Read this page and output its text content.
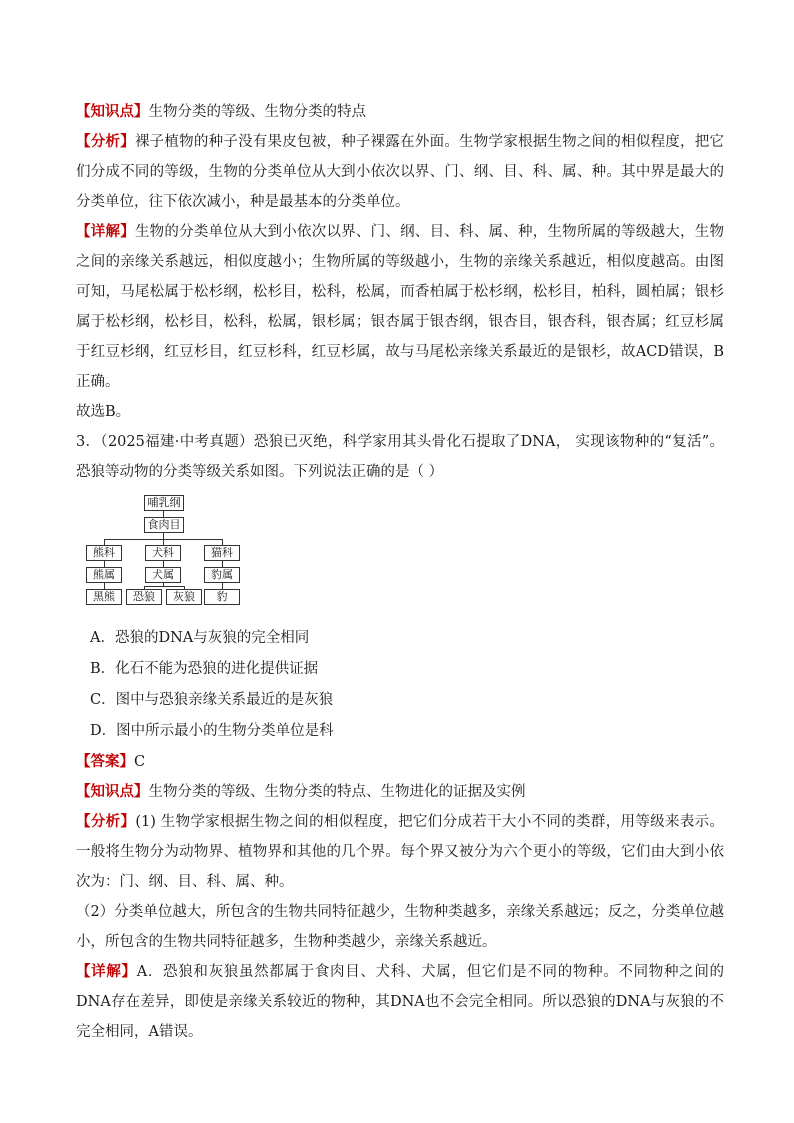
【知识点】生物分类的等级、生物分类的特点

【分析】裸子植物的种子没有果皮包被，种子裸露在外面。生物学家根据生物之间的相似程度，把它们分成不同的等级，生物的分类单位从大到小依次以界、门、纲、目、科、属、种。其中界是最大的分类单位，往下依次减小，种是最基本的分类单位。

【详解】生物的分类单位从大到小依次以界、门、纲、目、科、属、种，生物所属的等级越大，生物之间的亲缘关系越远，相似度越小；生物所属的等级越小，生物的亲缘关系越近，相似度越高。由图可知，马尾松属于松杉纲，松杉目，松科，松属，而香柏属于松杉纲，松杉目，柏科，圆柏属；银杉属于松杉纲，松杉目，松科，松属，银杉属；银杏属于银杏纲，银杏目，银杏科，银杏属；红豆杉属于红豆杉纲，红豆杉目，红豆杉科，红豆杉属，故与马尾松亲缘关系最近的是银杉，故ACD错误，B正确。

故选B。

3．（2025福建·中考真题）恐狼已灭绝，科学家用其头骨化石提取了DNA， 实现该物种的“复活”。恐狼等动物的分类等级关系如图。下列说法正确的是（ ）

哺乳纲
食肉目
熊科	犬科	猫科
熊属	犬属	豹属
黑熊	恐狼	灰狼	豹

A．恐狼的DNA与灰狼的完全相同

B．化石不能为恐狼的进化提供证据

C．图中与恐狼亲缘关系最近的是灰狼

D．图中所示最小的生物分类单位是科

【答案】C

【知识点】生物分类的等级、生物分类的特点、生物进化的证据及实例

【分析】(1) 生物学家根据生物之间的相似程度，把它们分成若干大小不同的类群，用等级来表示。一般将生物分为动物界、植物界和其他的几个界。每个界又被分为六个更小的等级，它们由大到小依次为：门、纲、目、科、属、种。

（2）分类单位越大，所包含的生物共同特征越少，生物种类越多，亲缘关系越远；反之，分类单位越小，所包含的生物共同特征越多，生物种类越少，亲缘关系越近。

【详解】A．恐狼和灰狼虽然都属于食肉目、犬科、犬属，但它们是不同的物种。不同物种之间的DNA存在差异，即使是亲缘关系较近的物种，其DNA也不会完全相同。所以恐狼的DNA与灰狼的不完全相同，A错误。
